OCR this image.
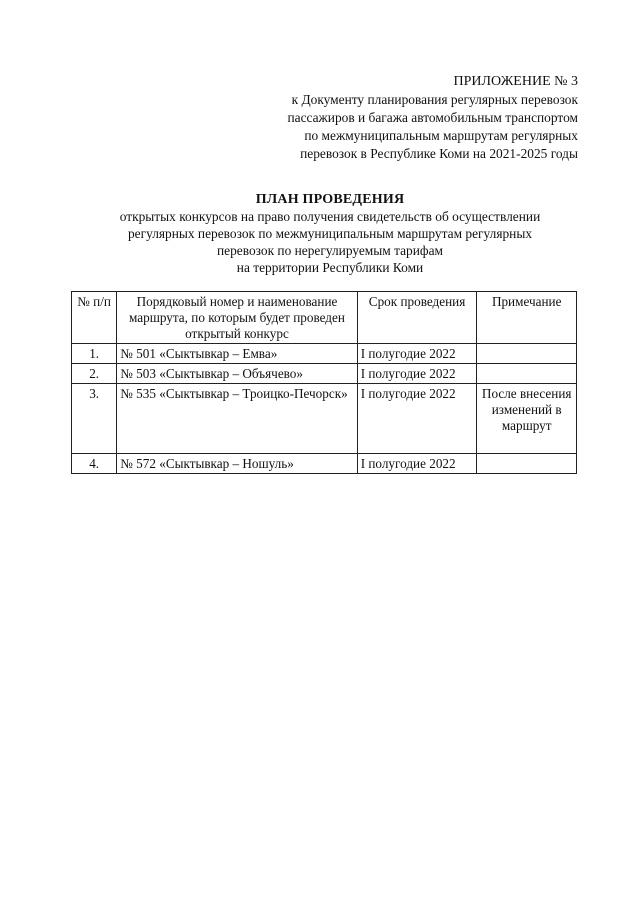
ПРИЛОЖЕНИЕ № 3
к Документу планирования регулярных перевозок
пассажиров и багажа автомобильным транспортом
по межмуниципальным маршрутам регулярных
перевозок в Республике Коми на 2021-2025 годы
ПЛАН ПРОВЕДЕНИЯ
открытых конкурсов на право получения свидетельств об осуществлении
регулярных перевозок по межмуниципальным маршрутам регулярных
перевозок по нерегулируемым тарифам
на территории Республики Коми
№ п/п	Порядковый номер и наименование маршрута, по которым будет проведен открытый конкурс	Срок проведения	Примечание
1.	№ 501 «Сыктывкар – Емва»	I полугодие 2022	
2.	№ 503 «Сыктывкар – Объячево»	I полугодие 2022	
3.	№ 535 «Сыктывкар – Троицко-Печорск»	I полугодие 2022	После внесения изменений в маршрут
4.	№ 572 «Сыктывкар – Ношуль»	I полугодие 2022	
